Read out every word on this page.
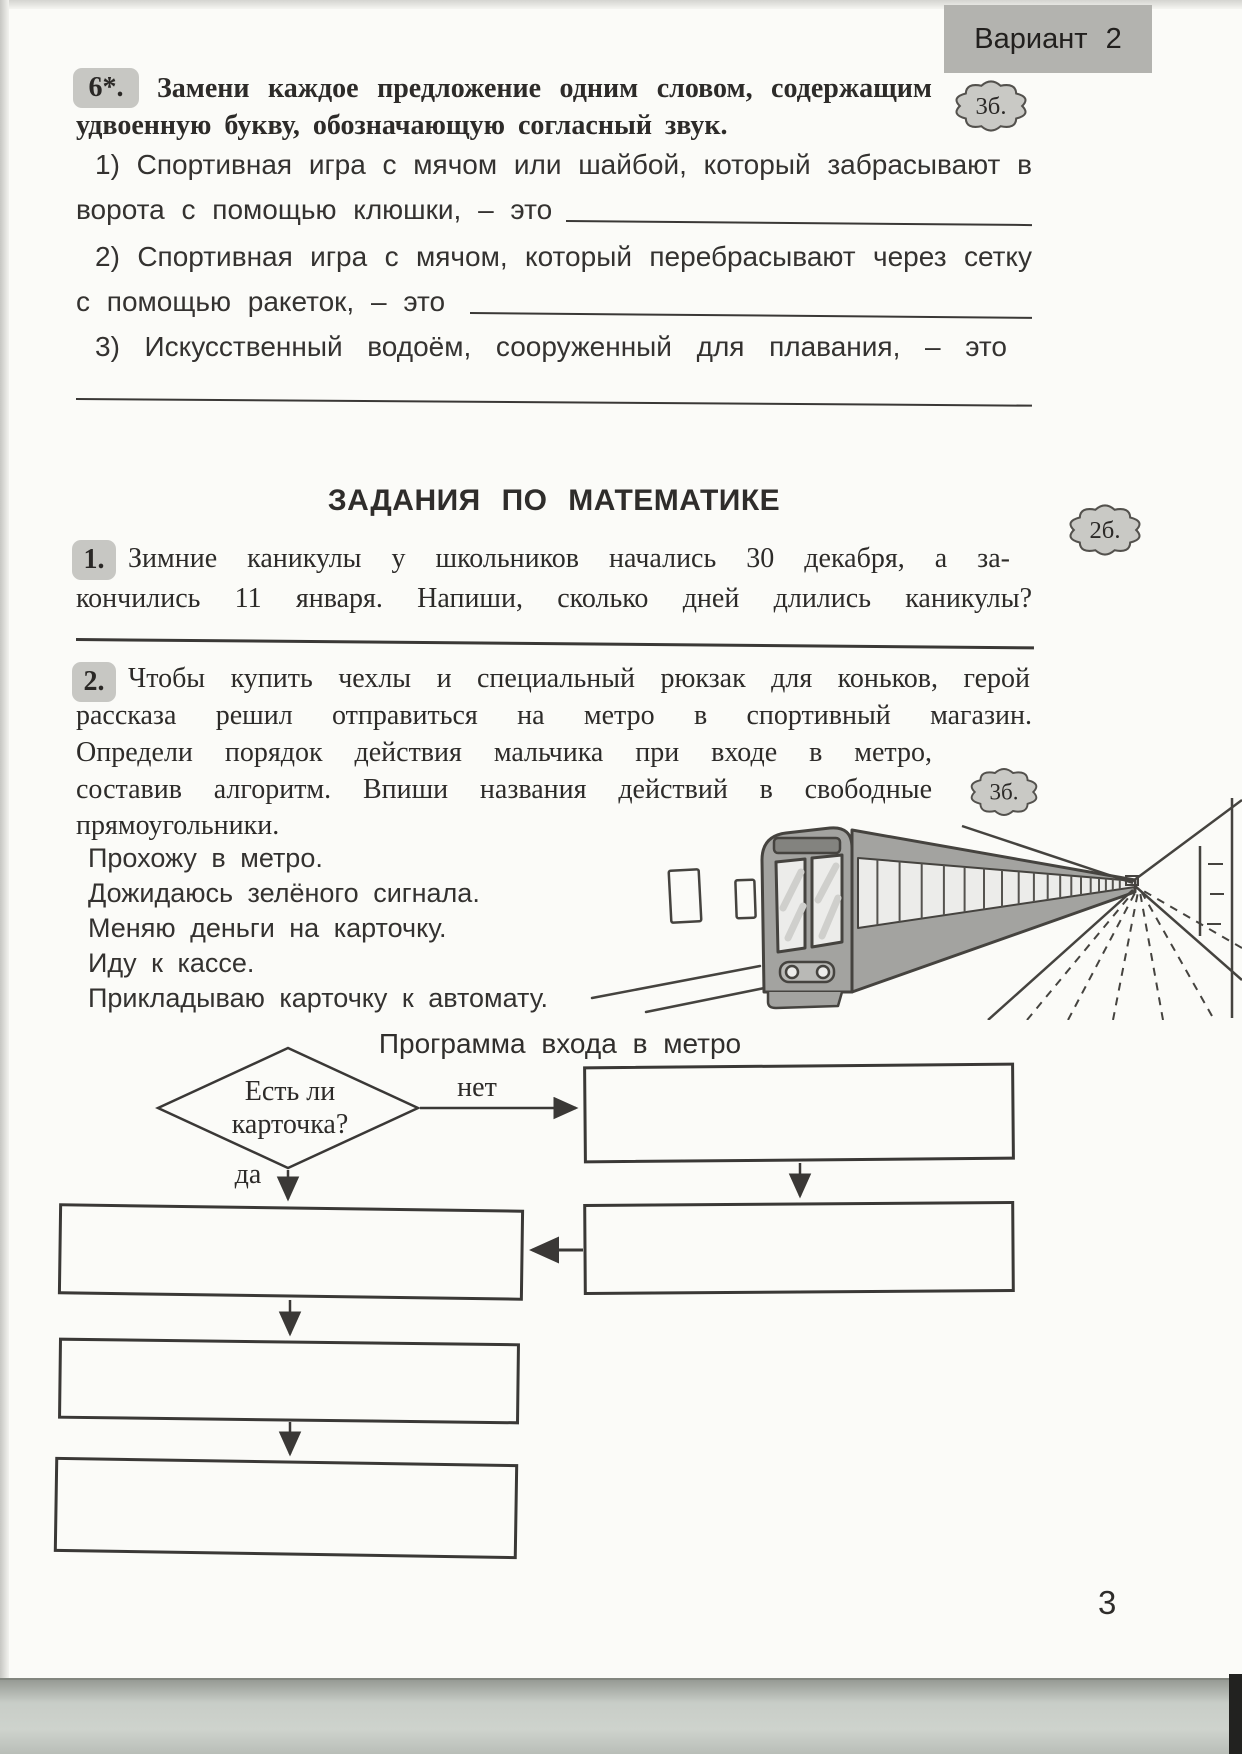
Вариант 2
6*.
3б.
Замени каждое предложение одним словом, содержащим
удвоенную букву, обозначающую согласный звук.
1) Спортивная игра с мячом или шайбой, который забрасывают в
ворота с помощью клюшки, – это
2) Спортивная игра с мячом, который перебрасывают через сетку
с помощью ракеток, – это
3) Искусственный водоём, сооруженный для плавания, – это
ЗАДАНИЯ ПО МАТЕМАТИКЕ
1.
2б.
Зимние каникулы у школьников начались 30 декабря, а за-
кончились 11 января. Напиши, сколько дней длились каникулы?
2.
3б.
Чтобы купить чехлы и специальный рюкзак для коньков, герой
рассказа решил отправиться на метро в спортивный магазин.
Определи порядок действия мальчика при входе в метро,
составив алгоритм. Впиши названия действий в свободные
прямоугольники.
Прохожу в метро.
Дожидаюсь зелёного сигнала.
Меняю деньги на карточку.
Иду к кассе.
Прикладываю карточку к автомату.
Программа входа в метро
Есть ли
карточка?
нет
да
3
